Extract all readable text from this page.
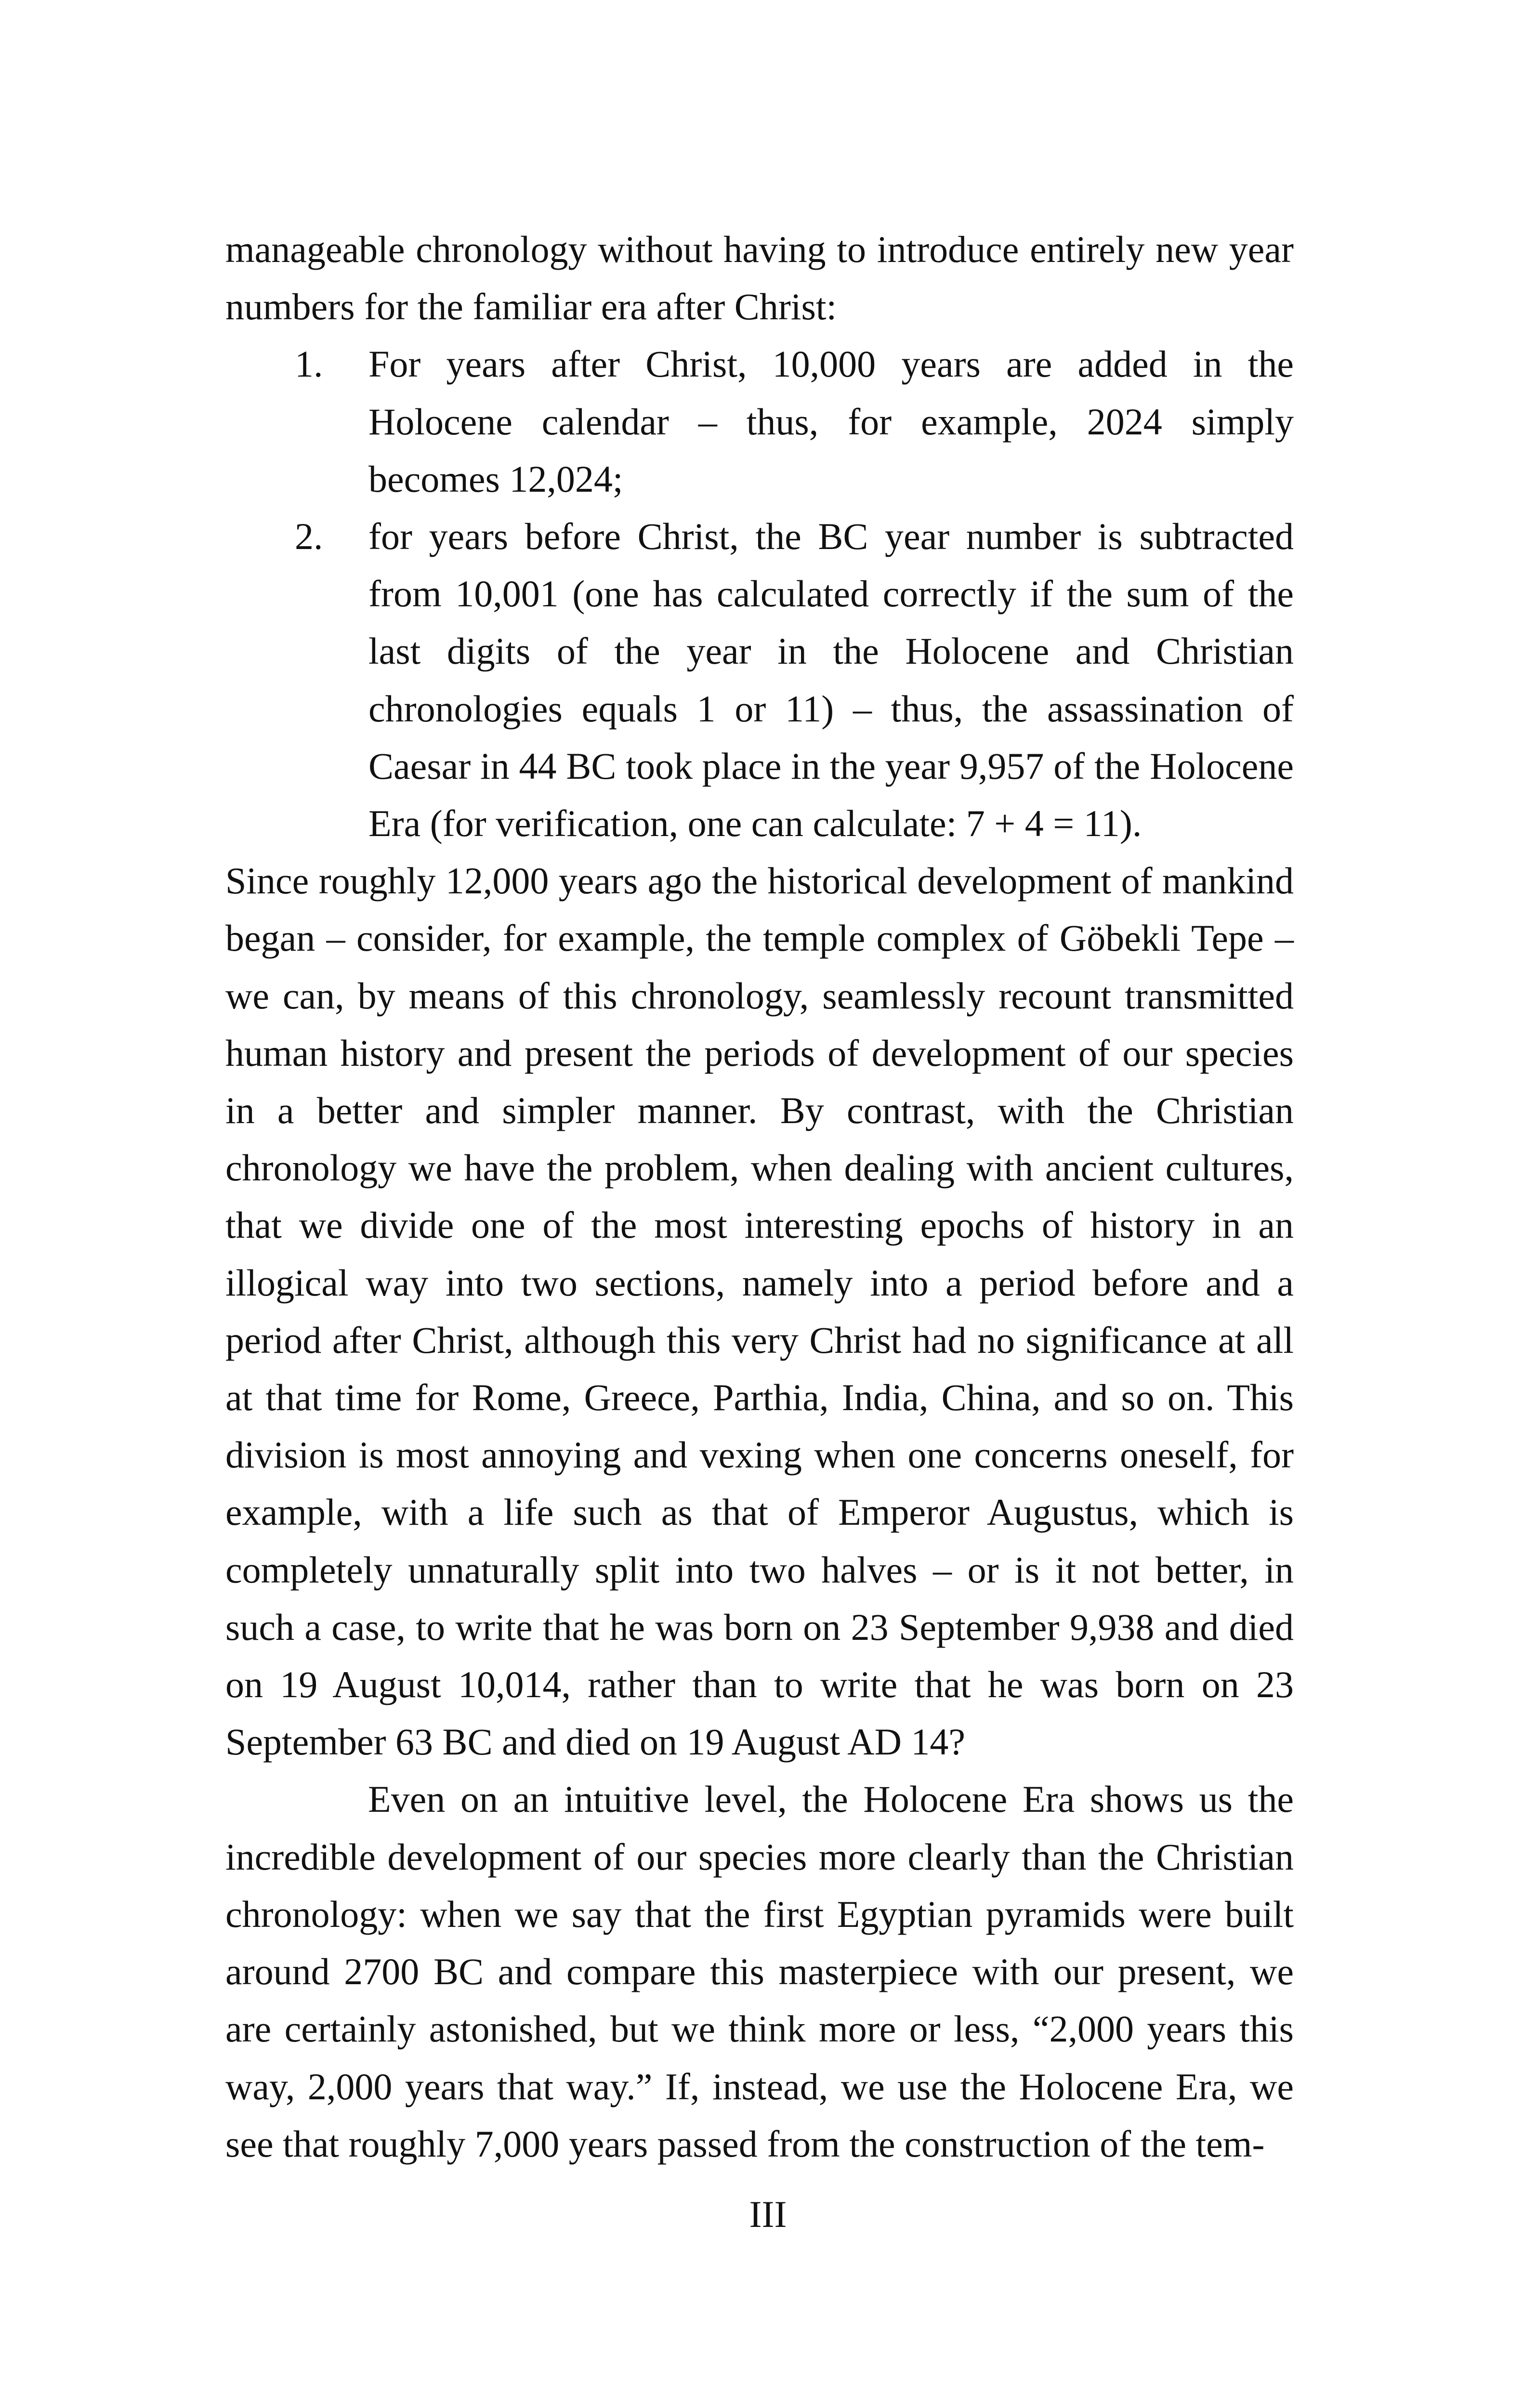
manageable chronology without having to introduce entirely new year numbers for the familiar era after Christ:

1. For years after Christ, 10,000 years are added in the Holocene calendar – thus, for example, 2024 simply becomes 12,024;
2. for years before Christ, the BC year number is subtracted from 10,001 (one has calculated correctly if the sum of the last digits of the year in the Holocene and Christian chronologies equals 1 or 11) – thus, the assassination of Caesar in 44 BC took place in the year 9,957 of the Holocene Era (for verification, one can calculate: 7 + 4 = 11).

Since roughly 12,000 years ago the historical development of mankind began – consider, for example, the temple complex of Göbekli Tepe – we can, by means of this chronology, seamlessly recount transmitted human history and present the periods of development of our species in a better and simpler manner. By contrast, with the Christian chronology we have the problem, when dealing with ancient cultures, that we divide one of the most interesting epochs of history in an illogical way into two sections, namely into a period before and a period after Christ, although this very Christ had no significance at all at that time for Rome, Greece, Parthia, India, China, and so on. This division is most annoying and vexing when one concerns oneself, for example, with a life such as that of Emperor Augustus, which is completely unnaturally split into two halves – or is it not better, in such a case, to write that he was born on 23 September 9,938 and died on 19 August 10,014, rather than to write that he was born on 23 September 63 BC and died on 19 August AD 14?

Even on an intuitive level, the Holocene Era shows us the incredible development of our species more clearly than the Christian chronology: when we say that the first Egyptian pyramids were built around 2700 BC and compare this masterpiece with our present, we are certainly astonished, but we think more or less, “2,000 years this way, 2,000 years that way.” If, instead, we use the Holocene Era, we see that roughly 7,000 years passed from the construction of the tem-

III
